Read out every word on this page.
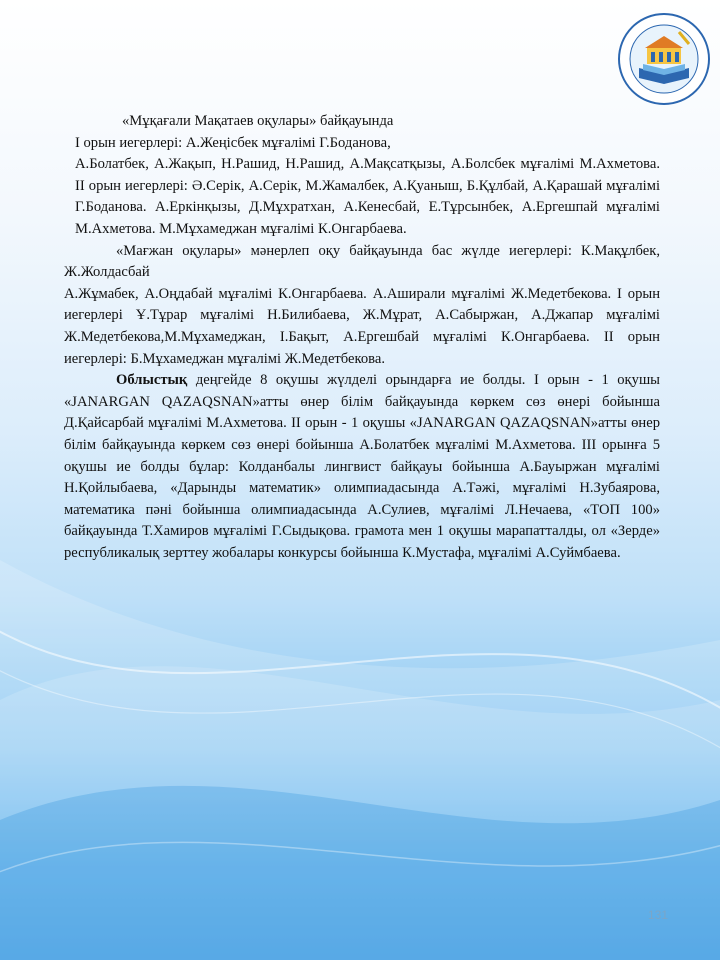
«Мұқағали Мақатаев оқулары» байқауында

І орын иегерлері: А.Жеңісбек мұғалімі Г.Боданова,

А.Болатбек, А.Жақып, Н.Рашид, Н.Рашид, А.Мақсатқызы, А.Болсбек мұғалімі М.Ахметова. ІІ орын иегерлері: Ә.Серік, А.Серік, М.Жамалбек, А.Қуаныш, Б.Құлбай, А.Қарашай мұғалімі Г.Боданова. А.Еркінқызы, Д.Мұхратхан, А.Кенесбай, Е.Тұрсынбек, А.Ергешпай мұғалімі М.Ахметова. М.Мұхамеджан мұғалімі К.Онгарбаева.

«Мағжан оқулары» мәнерлеп оқу байқауында бас жүлде иегерлері: К.Мақұлбек, Ж.Жолдасбай

А.Жұмабек, А.Оңдабай мұғалімі К.Онгарбаева. А.Аширали мұғалімі Ж.Медетбекова. І орын иегерлері Ұ.Тұрар мұғалімі Н.Билибаева, Ж.Мұрат, А.Сабыржан, А.Джапар мұғалімі Ж.Медетбекова,М.Мұхамеджан, І.Бақыт, А.Ергешбай мұғалімі К.Онгарбаева. ІІ орын иегерлері: Б.Мұхамеджан мұғалімі Ж.Медетбекова.

Облыстық деңгейде 8 оқушы жүлделі орындарға ие болды. І орын - 1 оқушы «JANARGAN QAZAQSNAN»атты өнер білім байқауында көркем сөз өнері бойынша Д.Қайсарбай мұғалімі М.Ахметова. ІІ орын - 1 оқушы «JANARGAN QAZAQSNAN»атты өнер білім байқауында көркем сөз өнері бойынша А.Болатбек мұғалімі М.Ахметова. ІІІ орынға 5 оқушы ие болды бұлар: Колданбалы лингвист байқауы бойынша А.Бауыржан мұғалімі Н.Қойлыбаева, «Дарынды математик» олимпиадасында А.Тәжі, мұғалімі Н.Зубаярова, математика пәні бойынша олимпиадасында А.Сулиев, мұғалімі Л.Нечаева, «ТОП 100» байқауында Т.Хамиров мұғалімі Г.Сыдықова. грамота мен 1 оқушы марапатталды, ол «Зерде» республикалық зерттеу жобалары конкурсы бойынша К.Мустафа, мұғалімі А.Суймбаева.

131
